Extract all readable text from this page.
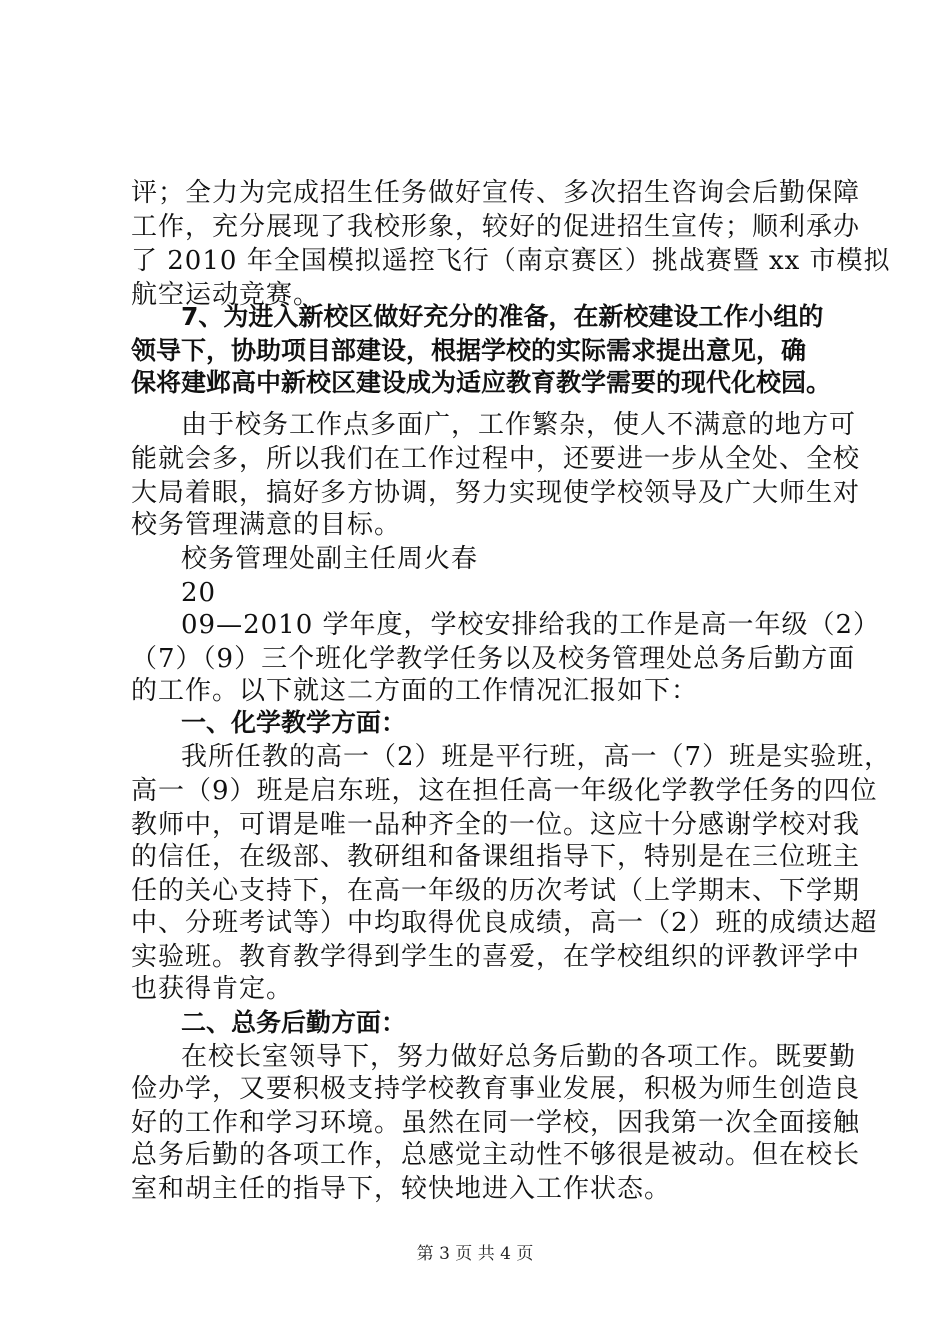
评；全力为完成招生任务做好宣传、多次招生咨询会后勤保障
工作，充分展现了我校形象，较好的促进招生宣传；顺利承办
了 2010 年全国模拟遥控飞行（南京赛区）挑战赛暨 xx 市模拟
航空运动竞赛。
7、为进入新校区做好充分的准备，在新校建设工作小组的
领导下，协助项目部建设，根据学校的实际需求提出意见，确
保将建邺高中新校区建设成为适应教育教学需要的现代化校园。
由于校务工作点多面广，工作繁杂，使人不满意的地方可
能就会多，所以我们在工作过程中，还要进一步从全处、全校
大局着眼，搞好多方协调，努力实现使学校领导及广大师生对
校务管理满意的目标。
校务管理处副主任周火春
20
09—2010 学年度，学校安排给我的工作是高一年级（2）
（7）（9）三个班化学教学任务以及校务管理处总务后勤方面
的工作。以下就这二方面的工作情况汇报如下：
一、化学教学方面：
我所任教的高一（2）班是平行班，高一（7）班是实验班，
高一（9）班是启东班，这在担任高一年级化学教学任务的四位
教师中，可谓是唯一品种齐全的一位。这应十分感谢学校对我
的信任，在级部、教研组和备课组指导下，特别是在三位班主
任的关心支持下，在高一年级的历次考试（上学期末、下学期
中、分班考试等）中均取得优良成绩，高一（2）班的成绩达超
实验班。教育教学得到学生的喜爱，在学校组织的评教评学中
也获得肯定。
二、总务后勤方面：
在校长室领导下，努力做好总务后勤的各项工作。既要勤
俭办学，又要积极支持学校教育事业发展，积极为师生创造良
好的工作和学习环境。虽然在同一学校，因我第一次全面接触
总务后勤的各项工作，总感觉主动性不够很是被动。但在校长
室和胡主任的指导下，较快地进入工作状态。
第 3 页 共 4 页
